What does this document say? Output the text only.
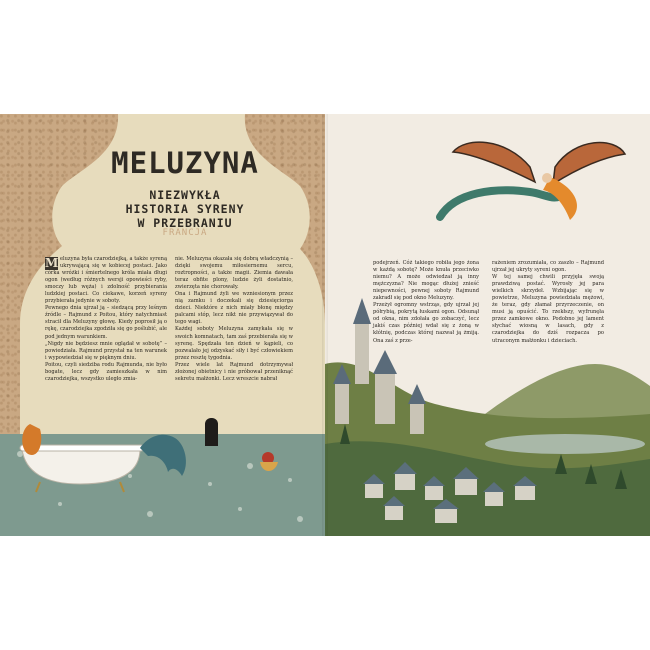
MELUZYNA
NIEZWYKŁA
HISTORIA SYRENY
W PRZEBRANIU
FRANCJA

M eluzyna była czarodziejką, a także syreną ukrywającą się w kobiecej postaci. Jako córka wróżki i śmiertelnego króla miała długi ogon (według różnych wersji opowieści ryby, smoczy lub węża) i zdolność przybierania ludzkiej postaci. Co ciekawe, korzeń syreny przybierała jedynie w soboty.

Pewnego dnia ujrzał ją – siedzącą przy leśnym źródle – Rajmund z Poitou, który natychmiast stracił dla Meluzyny głowę. Kiedy poprosił ją o rękę, czarodziejka zgodziła się go poślubić, ale pod jednym warunkiem.

„Nigdy nie będziesz mnie oglądał w sobotę” – powiedziała. Rajmund przystał na ten warunek i wypowiedział się w pięknym dniu.

Poitou, czyli siedziba rodu Rajmunda, nie było bogate, lecz gdy zamieszkała w nim czarodziejka, wszystko uległo zmia-

nie. Meluzyna okazała się dobrą władczynią – dzięki swojemu miłosiernemu sercu, roztropności, a także magii. Ziemia dawała teraz obfite plony, ludzie żyli dostatnio, zwierzęta nie chorowały.

Ona i Rajmund żyli we wzniesionym przez nią zamku i doczekali się dziesięciorga dzieci. Niektóre z nich miały błonę między palcami stóp, lecz nikt nie przywiązywał do tego wagi.

Każdej soboty Meluzyna zamykała się w swoich komnatach, tam zaś przebierała się w syrenę. Spędzała ten dzień w kąpieli, co pozwalało jej odzyskać siły i być człowiekiem przez resztę tygodnia.

Przez wiele lat Rajmund dotrzymywał złożonej obietnicy i nie próbował przeniknąć sekretu małżonki. Lecz wreszcie nabrał

podejrzeń. Cóż takiego robiła jego żona w każdą sobotę? Może knuła przeciwko niemu? A może odwiedzał ją inny mężczyzna? Nie mogąc dłużej znieść niepewności, pewnej soboty Rajmund zakradł się pod okno Meluzyny.

Przeżył ogromny wstrząs, gdy ujrzał jej półrybią, pokrytą łuskami ogon. Odsunął od okna, nim zdołała go zobaczyć, lecz jakiś czas później wdał się z żoną w kłótnię, podczas której nazwał ją żmiją. Ona zaś z prze-

rażeniem zrozumiała, co zaszło – Rajmund ujrzał jej ukryty syreni ogon.

W tej samej chwili przyjęła swoją prawdziwą postać. Wyrosły jej para wielkich skrzydeł. Wzbijając się w powietrze, Meluzyna powiedziała mężowi, że teraz, gdy złamał przyrzeczenie, on musi ją opuścić. To rzekłszy, wyfrunęła przez zamkowe okno. Podobno jej lament słychać wiosną w lasach, gdy z czarodziejka do dziś rozpacza po utraconym małżonku i dzieciach.
